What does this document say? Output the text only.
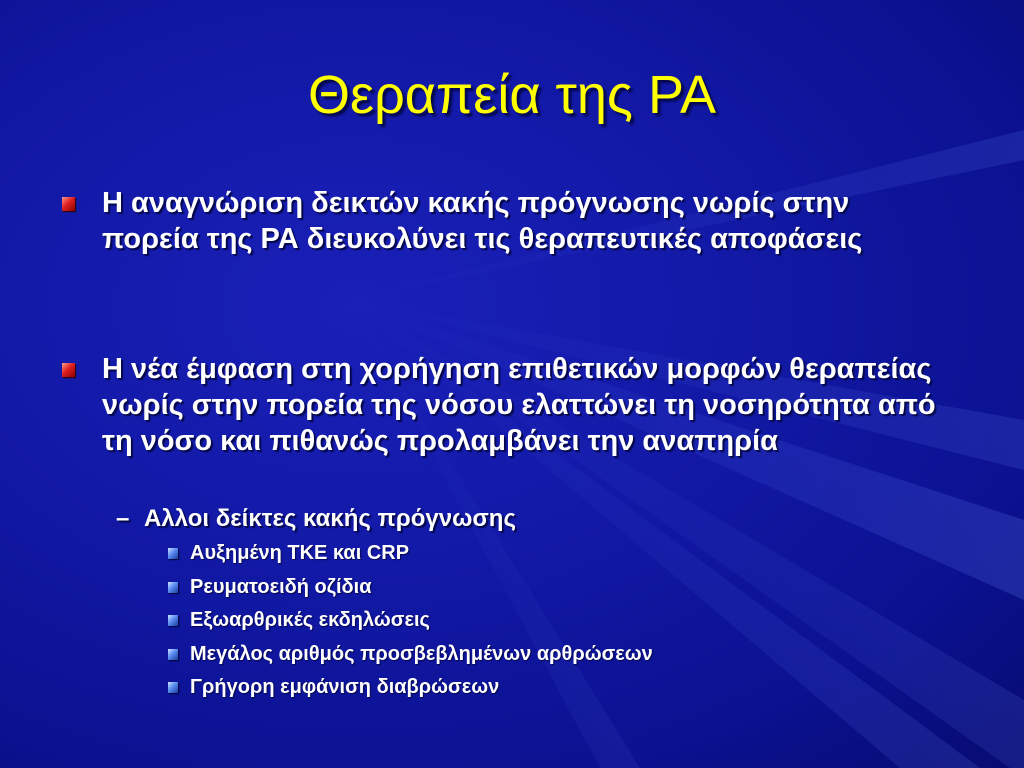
Θεραπεία της ΡΑ
Η αναγνώριση δεικτών κακής πρόγνωσης νωρίς στην πορεία της ΡΑ διευκολύνει τις θεραπευτικές αποφάσεις
Η νέα έμφαση στη χορήγηση επιθετικών μορφών θεραπείας νωρίς στην πορεία της νόσου ελαττώνει τη νοσηρότητα από τη νόσο και πιθανώς προλαμβάνει την αναπηρία
– Αλλοι δείκτες κακής πρόγνωσης
Αυξημένη ΤΚΕ και CRP
Ρευματοειδή οζίδια
Εξωαρθρικές εκδηλώσεις
Μεγάλος αριθμός προσβεβλημένων αρθρώσεων
Γρήγορη εμφάνιση διαβρώσεων
